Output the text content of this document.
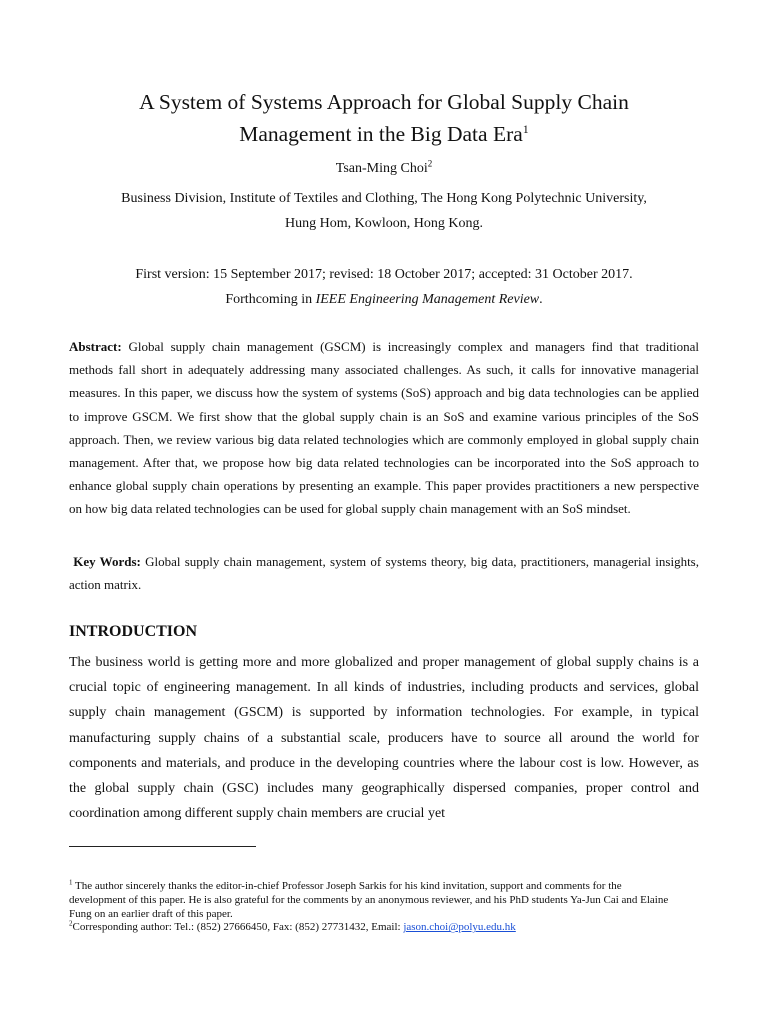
A System of Systems Approach for Global Supply Chain
Management in the Big Data Era$^1$
Tsan-Ming Choi$^2$
Business Division, Institute of Textiles and Clothing, The Hong Kong Polytechnic University,
Hung Hom, Kowloon, Hong Kong.
First version: 15 September 2017; revised: 18 October 2017; accepted: 31 October 2017.
Forthcoming in IEEE Engineering Management Review.
Abstract: Global supply chain management (GSCM) is increasingly complex and managers find that traditional methods fall short in adequately addressing many associated challenges. As such, it calls for innovative managerial measures. In this paper, we discuss how the system of systems (SoS) approach and big data technologies can be applied to improve GSCM. We first show that the global supply chain is an SoS and examine various principles of the SoS approach. Then, we review various big data related technologies which are commonly employed in global supply chain management. After that, we propose how big data related technologies can be incorporated into the SoS approach to enhance global supply chain operations by presenting an example. This paper provides practitioners a new perspective on how big data related technologies can be used for global supply chain management with an SoS mindset.
Key Words: Global supply chain management, system of systems theory, big data, practitioners, managerial insights, action matrix.
INTRODUCTION
The business world is getting more and more globalized and proper management of global supply chains is a crucial topic of engineering management. In all kinds of industries, including products and services, global supply chain management (GSCM) is supported by information technologies. For example, in typical manufacturing supply chains of a substantial scale, producers have to source all around the world for components and materials, and produce in the developing countries where the labour cost is low. However, as the global supply chain (GSC) includes many geographically dispersed companies, proper control and coordination among different supply chain members are crucial yet
$^1$ The author sincerely thanks the editor-in-chief Professor Joseph Sarkis for his kind invitation, support and comments for the development of this paper. He is also grateful for the comments by an anonymous reviewer, and his PhD students Ya-Jun Cai and Elaine Fung on an earlier draft of this paper.
$^2$Corresponding author: Tel.: (852) 27666450, Fax: (852) 27731432, Email: jason.choi@polyu.edu.hk
